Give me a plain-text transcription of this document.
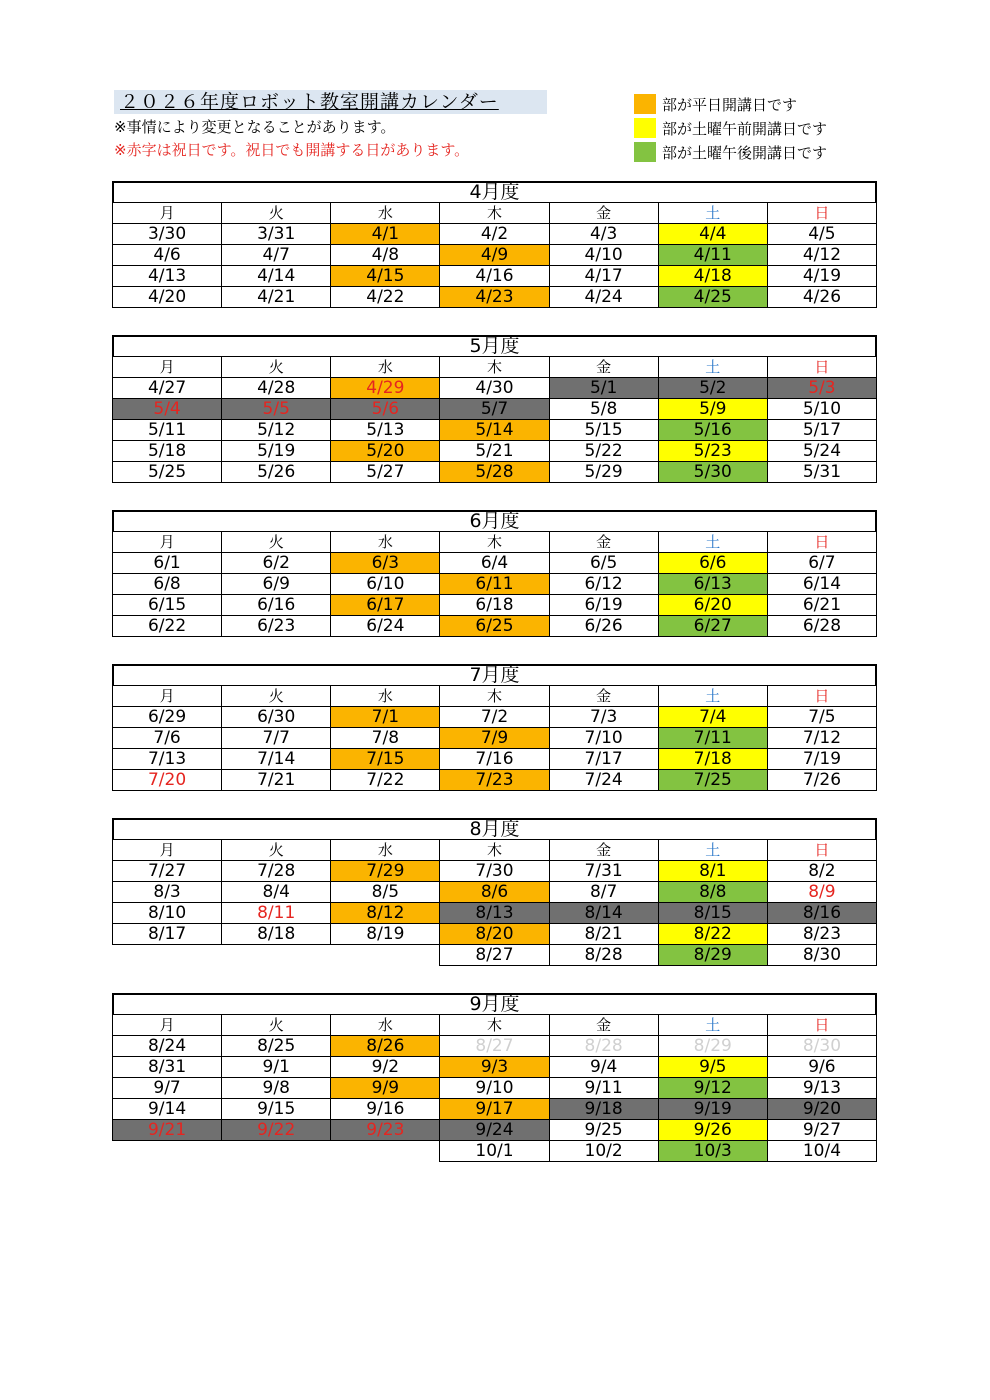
２０２６年度ロボット教室開講カレンダー
※事情により変更となることがあります。
※赤字は祝日です。祝日でも開講する日があります。
部が平日開講日です
部が土曜午前開講日です
部が土曜午後開講日です
4月度
月	火	水	木	金	土	日
3/30	3/31	4/1	4/2	4/3	4/4	4/5
4/6	4/7	4/8	4/9	4/10	4/11	4/12
4/13	4/14	4/15	4/16	4/17	4/18	4/19
4/20	4/21	4/22	4/23	4/24	4/25	4/26
5月度
月	火	水	木	金	土	日
4/27	4/28	4/29	4/30	5/1	5/2	5/3
5/4	5/5	5/6	5/7	5/8	5/9	5/10
5/11	5/12	5/13	5/14	5/15	5/16	5/17
5/18	5/19	5/20	5/21	5/22	5/23	5/24
5/25	5/26	5/27	5/28	5/29	5/30	5/31
6月度
月	火	水	木	金	土	日
6/1	6/2	6/3	6/4	6/5	6/6	6/7
6/8	6/9	6/10	6/11	6/12	6/13	6/14
6/15	6/16	6/17	6/18	6/19	6/20	6/21
6/22	6/23	6/24	6/25	6/26	6/27	6/28
7月度
月	火	水	木	金	土	日
6/29	6/30	7/1	7/2	7/3	7/4	7/5
7/6	7/7	7/8	7/9	7/10	7/11	7/12
7/13	7/14	7/15	7/16	7/17	7/18	7/19
7/20	7/21	7/22	7/23	7/24	7/25	7/26
8月度
月	火	水	木	金	土	日
7/27	7/28	7/29	7/30	7/31	8/1	8/2
8/3	8/4	8/5	8/6	8/7	8/8	8/9
8/10	8/11	8/12	8/13	8/14	8/15	8/16
8/17	8/18	8/19	8/20	8/21	8/22	8/23
			8/27	8/28	8/29	8/30
9月度
月	火	水	木	金	土	日
8/24	8/25	8/26	8/27	8/28	8/29	8/30
8/31	9/1	9/2	9/3	9/4	9/5	9/6
9/7	9/8	9/9	9/10	9/11	9/12	9/13
9/14	9/15	9/16	9/17	9/18	9/19	9/20
9/21	9/22	9/23	9/24	9/25	9/26	9/27
			10/1	10/2	10/3	10/4
